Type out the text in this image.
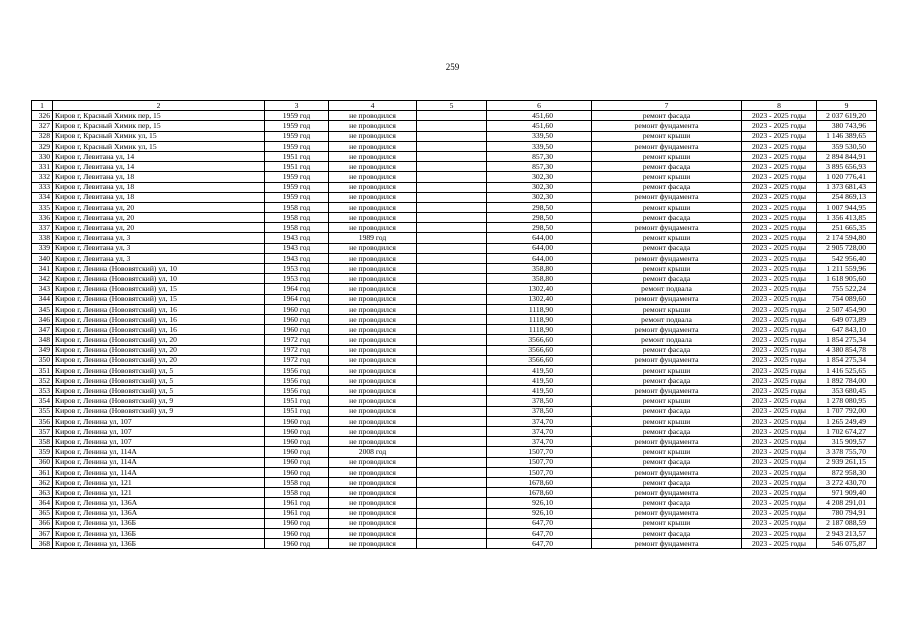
259
1	2	3	4	5	6	7	8	9
326	Киров г, Красный Химик пер, 15	1959 год	не проводился		451,60	ремонт фасада	2023 - 2025 годы	2 037 619,20
327	Киров г, Красный Химик пер, 15	1959 год	не проводился		451,60	ремонт фундамента	2023 - 2025 годы	380 743,96
328	Киров г, Красный Химик ул, 15	1959 год	не проводился		339,50	ремонт крыши	2023 - 2025 годы	1 146 389,65
329	Киров г, Красный Химик ул, 15	1959 год	не проводился		339,50	ремонт фундамента	2023 - 2025 годы	359 530,50
330	Киров г, Левитана ул, 14	1951 год	не проводился		857,30	ремонт крыши	2023 - 2025 годы	2 894 844,91
331	Киров г, Левитана ул, 14	1951 год	не проводился		857,30	ремонт фасада	2023 - 2025 годы	3 895 656,93
332	Киров г, Левитана ул, 18	1959 год	не проводился		302,30	ремонт крыши	2023 - 2025 годы	1 020 776,41
333	Киров г, Левитана ул, 18	1959 год	не проводился		302,30	ремонт фасада	2023 - 2025 годы	1 373 681,43
334	Киров г, Левитана ул, 18	1959 год	не проводился		302,30	ремонт фундамента	2023 - 2025 годы	254 869,13
335	Киров г, Левитана ул, 20	1958 год	не проводился		298,50	ремонт крыши	2023 - 2025 годы	1 007 944,95
336	Киров г, Левитана ул, 20	1958 год	не проводился		298,50	ремонт фасада	2023 - 2025 годы	1 356 413,85
337	Киров г, Левитана ул, 20	1958 год	не проводился		298,50	ремонт фундамента	2023 - 2025 годы	251 665,35
338	Киров г, Левитана ул, 3	1943 год	1989 год		644,00	ремонт крыши	2023 - 2025 годы	2 174 594,80
339	Киров г, Левитана ул, 3	1943 год	не проводился		644,00	ремонт фасада	2023 - 2025 годы	2 905 728,00
340	Киров г, Левитана ул, 3	1943 год	не проводился		644,00	ремонт фундамента	2023 - 2025 годы	542 956,40
341	Киров г, Ленина (Нововятский) ул, 10	1953 год	не проводился		358,80	ремонт крыши	2023 - 2025 годы	1 211 559,96
342	Киров г, Ленина (Нововятский) ул, 10	1953 год	не проводился		358,80	ремонт фасада	2023 - 2025 годы	1 618 905,60
343	Киров г, Ленина (Нововятский) ул, 15	1964 год	не проводился		1302,40	ремонт подвала	2023 - 2025 годы	755 522,24
344	Киров г, Ленина (Нововятский) ул, 15	1964 год	не проводился		1302,40	ремонт фундамента	2023 - 2025 годы	754 089,60
345	Киров г, Ленина (Нововятский) ул, 16	1960 год	не проводился		1118,90	ремонт крыши	2023 - 2025 годы	2 507 454,90
346	Киров г, Ленина (Нововятский) ул, 16	1960 год	не проводился		1118,90	ремонт подвала	2023 - 2025 годы	649 073,89
347	Киров г, Ленина (Нововятский) ул, 16	1960 год	не проводился		1118,90	ремонт фундамента	2023 - 2025 годы	647 843,10
348	Киров г, Ленина (Нововятский) ул, 20	1972 год	не проводился		3566,60	ремонт подвала	2023 - 2025 годы	1 854 275,34
349	Киров г, Ленина (Нововятский) ул, 20	1972 год	не проводился		3566,60	ремонт фасада	2023 - 2025 годы	4 380 854,78
350	Киров г, Ленина (Нововятский) ул, 20	1972 год	не проводился		3566,60	ремонт фундамента	2023 - 2025 годы	1 854 275,34
351	Киров г, Ленина (Нововятский) ул, 5	1956 год	не проводился		419,50	ремонт крыши	2023 - 2025 годы	1 416 525,65
352	Киров г, Ленина (Нововятский) ул, 5	1956 год	не проводился		419,50	ремонт фасада	2023 - 2025 годы	1 892 784,00
353	Киров г, Ленина (Нововятский) ул, 5	1956 год	не проводился		419,50	ремонт фундамента	2023 - 2025 годы	353 680,45
354	Киров г, Ленина (Нововятский) ул, 9	1951 год	не проводился		378,50	ремонт крыши	2023 - 2025 годы	1 278 080,95
355	Киров г, Ленина (Нововятский) ул, 9	1951 год	не проводился		378,50	ремонт фасада	2023 - 2025 годы	1 707 792,00
356	Киров г, Ленина ул, 107	1960 год	не проводился		374,70	ремонт крыши	2023 - 2025 годы	1 265 249,49
357	Киров г, Ленина ул, 107	1960 год	не проводился		374,70	ремонт фасада	2023 - 2025 годы	1 702 674,27
358	Киров г, Ленина ул, 107	1960 год	не проводился		374,70	ремонт фундамента	2023 - 2025 годы	315 909,57
359	Киров г, Ленина ул, 114А	1960 год	2008 год		1507,70	ремонт крыши	2023 - 2025 годы	3 378 755,70
360	Киров г, Ленина ул, 114А	1960 год	не проводился		1507,70	ремонт фасада	2023 - 2025 годы	2 939 261,15
361	Киров г, Ленина ул, 114А	1960 год	не проводился		1507,70	ремонт фундамента	2023 - 2025 годы	872 958,30
362	Киров г, Ленина ул, 121	1958 год	не проводился		1678,60	ремонт фасада	2023 - 2025 годы	3 272 430,70
363	Киров г, Ленина ул, 121	1958 год	не проводился		1678,60	ремонт фундамента	2023 - 2025 годы	971 909,40
364	Киров г, Ленина ул, 136А	1961 год	не проводился		926,10	ремонт фасада	2023 - 2025 годы	4 208 291,01
365	Киров г, Ленина ул, 136А	1961 год	не проводился		926,10	ремонт фундамента	2023 - 2025 годы	780 794,91
366	Киров г, Ленина ул, 136Б	1960 год	не проводился		647,70	ремонт крыши	2023 - 2025 годы	2 187 088,59
367	Киров г, Ленина ул, 136Б	1960 год	не проводился		647,70	ремонт фасада	2023 - 2025 годы	2 943 213,57
368	Киров г, Ленина ул, 136Б	1960 год	не проводился		647,70	ремонт фундамента	2023 - 2025 годы	546 075,87
